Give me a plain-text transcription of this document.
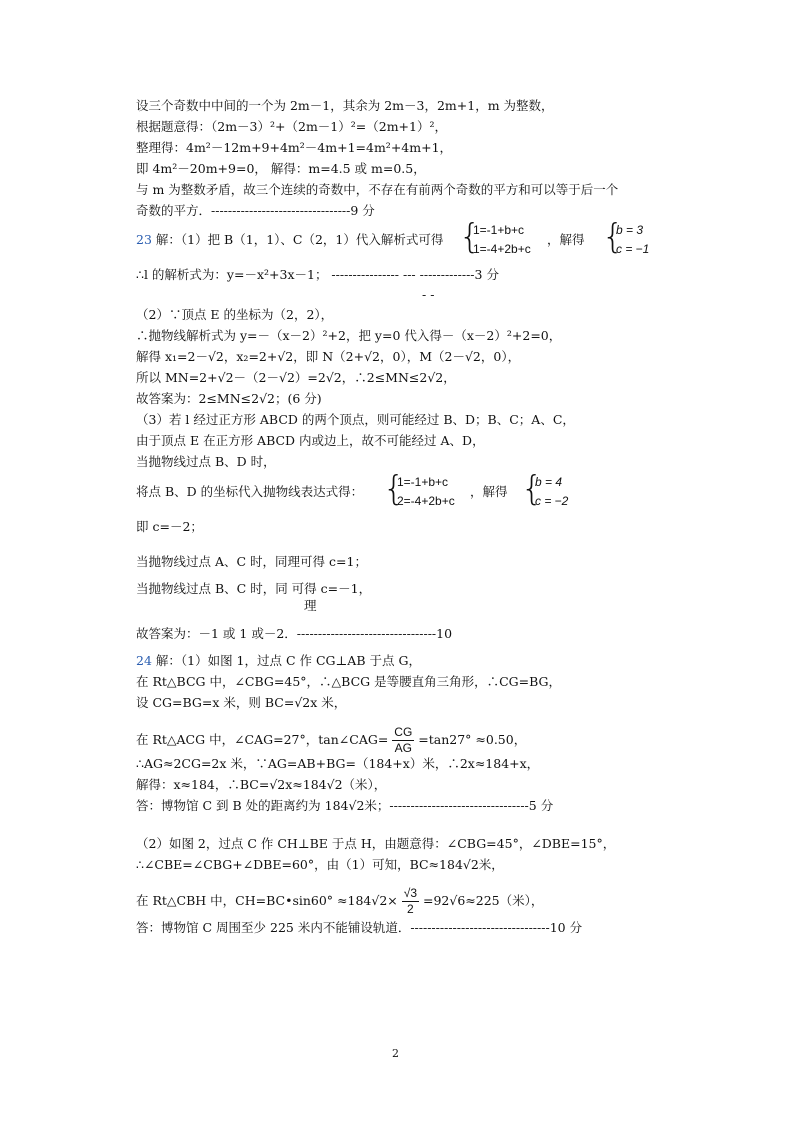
设三个奇数中中间的一个为 2m－1，其余为 2m－3，2m+1，m 为整数，
根据题意得：（2m－3）²+（2m－1）²=（2m+1）²，
整理得：4m²－12m+9+4m²－4m+1=4m²+4m+1，
即 4m²－20m+9=0， 解得：m=4.5 或 m=0.5，
与 m 为整数矛盾，故三个连续的奇数中，不存在有前两个奇数的平方和可以等于后一个
奇数的平方．---------------------------------9 分
23 解：（1）把 B（1，1）、C（2，1）代入解析式可得 {
1=-1+b+c
1=-4+2b+c
，解得 {
b = 3
c = −1
∴l 的解析式为：y=－x²+3x－1； ---------------- --- -------------3 分
- -
（2）∵顶点 E 的坐标为（2，2），
∴抛物线解析式为 y=－（x－2）²+2，把 y=0 代入得－（x－2）²+2=0，
解得 x₁=2－√2，x₂=2+√2，即 N（2+√2，0），M（2－√2，0），
所以 MN=2+√2－（2－√2）=2√2，∴2≤MN≤2√2，
故答案为：2≤MN≤2√2；(6 分)
（3）若 l 经过正方形 ABCD 的两个顶点，则可能经过 B、D；B、C；A、C，
由于顶点 E 在正方形 ABCD 内或边上，故不可能经过 A、D，
当抛物线过点 B、D 时，
将点 B、D 的坐标代入抛物线表达式得： {
1=-1+b+c
2=-4+2b+c
，解得 {
b = 4
c = −2
即 c=－2；
当抛物线过点 A、C 时，同理可得 c=1；
当抛物线过点 B、C 时，同 可得 c=－1，
理
故答案为：－1 或 1 或－2．---------------------------------10
24 解：（1）如图 1，过点 C 作 CG⊥AB 于点 G，
在 Rt△BCG 中，∠CBG=45°，∴△BCG 是等腰直角三角形，∴CG=BG，
设 CG=BG=x 米，则 BC=√2x 米，
在 Rt△ACG 中，∠CAG=27°，tan∠CAG= $\frac{CG}{AG} =\tan 27^\circ \approx 0.50$，
∴AG≈2CG=2x 米，∵AG=AB+BG=（184+x）米，∴2x≈184+x，
解得：x≈184，∴BC=√2x≈184√2（米），
答：博物馆 C 到 B 处的距离约为 184√2米；---------------------------------5 分
（2）如图 2，过点 C 作 CH⊥BE 于点 H，由题意得：∠CBG=45°，∠DBE=15°，
∴∠CBE=∠CBG+∠DBE=60°，由（1）可知，BC≈184√2米，
在 Rt△CBH 中，CH=BC•sin60° $\approx 184√2\times \frac{√3}{2} =92√6\approx 225$（米），
答：博物馆 C 周围至少 225 米内不能铺设轨道．---------------------------------10 分
2
